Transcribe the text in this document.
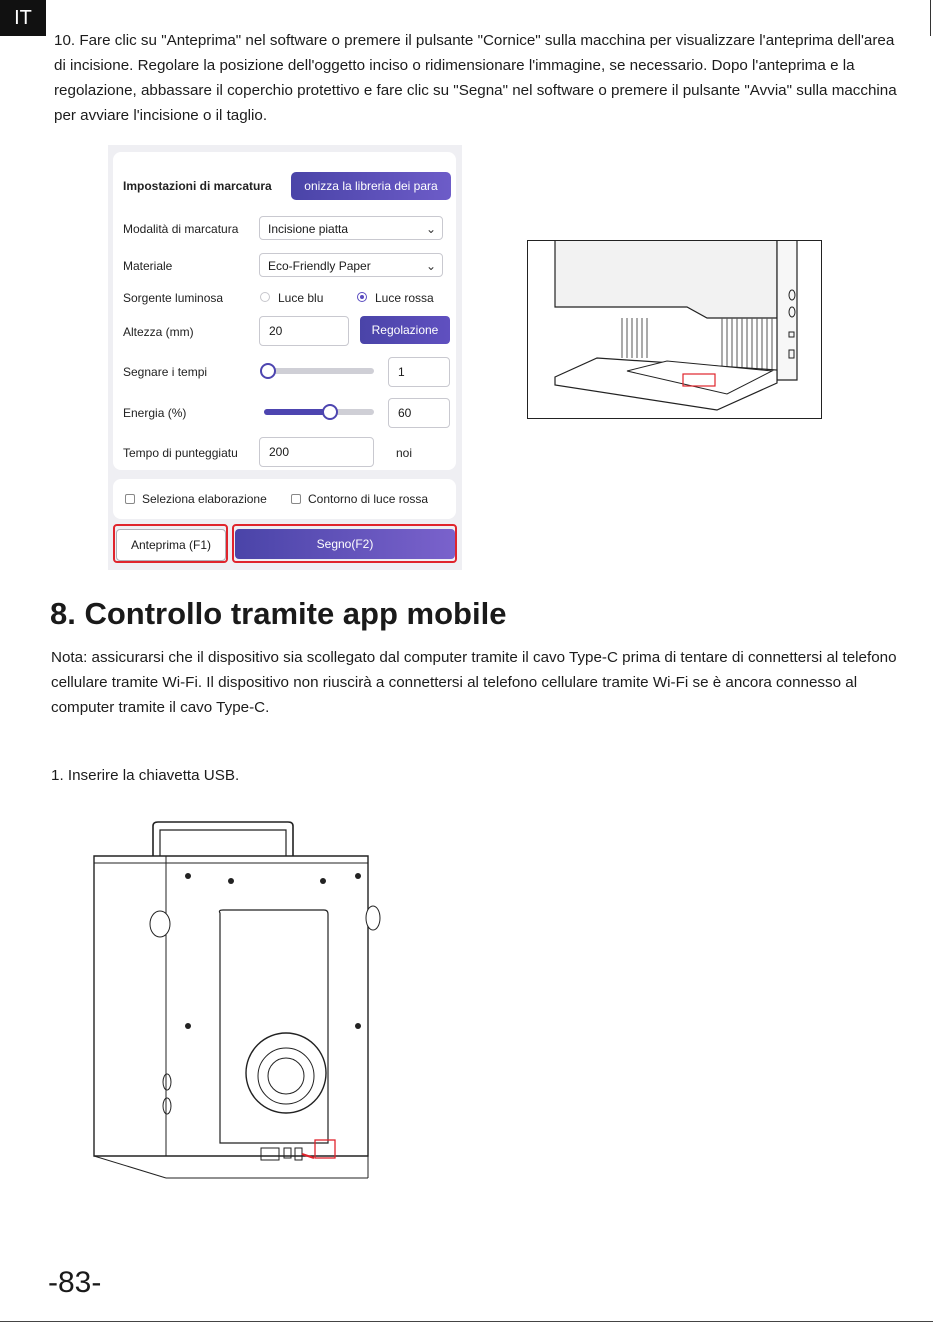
IT
10. Fare clic su "Anteprima" nel software o premere il pulsante "Cornice" sulla macchina per visualizzare l'anteprima dell'area di incisione. Regolare la posizione dell'oggetto inciso o ridimensionare l'immagine, se necessario. Dopo l'anteprima e la regolazione, abbassare il coperchio protettivo e fare clic su "Segna" nel software o premere il pulsante "Avvia" sulla macchina per avviare l'incisione o il taglio.
Impostazioni di marcatura	onizza la libreria dei para
Modalità di marcatura	Incisione piatta	⌄
Materiale	Eco-Friendly Paper	⌄
Sorgente luminosa	Luce blu	Luce rossa
Altezza (mm)	20	Regolazione
Segnare i tempi	1
Energia (%)	60
Tempo di punteggiatu	200	noi
Seleziona elaborazione	Contorno di luce rossa
Anteprima (F1)	Segno(F2)
8. Controllo tramite app mobile
Nota: assicurarsi che il dispositivo sia scollegato dal computer tramite il cavo Type-C prima di tentare di connettersi al telefono cellulare tramite Wi-Fi. Il dispositivo non riuscirà a connettersi al telefono cellulare tramite Wi-Fi se è ancora connesso al computer tramite il cavo Type-C.
1. Inserire la chiavetta USB.
-83-
